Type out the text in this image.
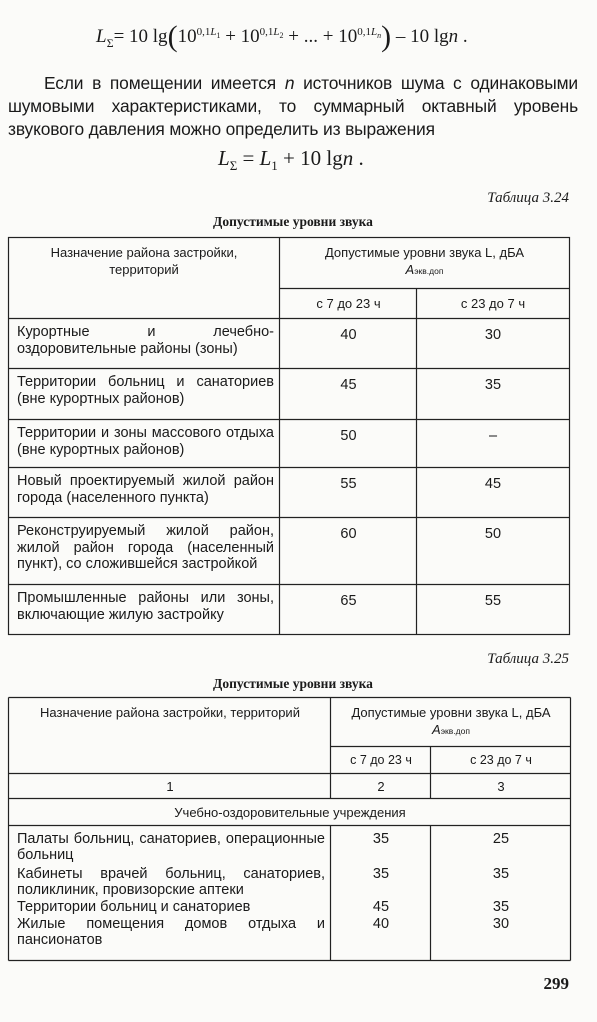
$L_\Sigma= 10$ $\lg(10^{0,1L_1} + 10^{0,1L_2}$ + ... + $10^{0,1L_n}) - 10$ lgn .
Если в помещении имеется n источников шума с одинаковыми шумовыми характеристиками, то суммарный октавный уровень звукового давления можно определить из выражения
$L_\Sigma = L_1 + 10$ lgn .
Таблица 3.24
Допустимые уровни звука
Назначение района застройки, территорий
Допустимые уровни звука L, дБА
Aэкв.доп
с 7 до 23 ч	с 23 до 7 ч
Курортные и лечебно-оздоровительные районы (зоны)
40	30
Территории больниц и санаториев (вне курортных районов)
45	35
Территории и зоны массового отдыха (вне курортных районов)
50	–
Новый проектируемый жилой район города (населенного пункта)
55	45
Реконструируемый жилой район, жилой район города (населенный пункт), со сложившейся застройкой
60	50
Промышленные районы или зоны, включающие жилую застройку
65	55
Таблица 3.25
Допустимые уровни звука
Назначение района застройки, территорий	Допустимые уровни звука L, дБА
Aэкв.доп
с 7 до 23 ч	с 23 до 7 ч
1	2	3
Учебно-оздоровительные учреждения
Палаты больниц, санаториев, операционные больниц
35	25
Кабинеты врачей больниц, санаториев, поликлиник, провизорские аптеки
35	35
Территории больниц и санаториев	45	35
Жилые помещения домов отдыха и пансионатов
40	30
299
